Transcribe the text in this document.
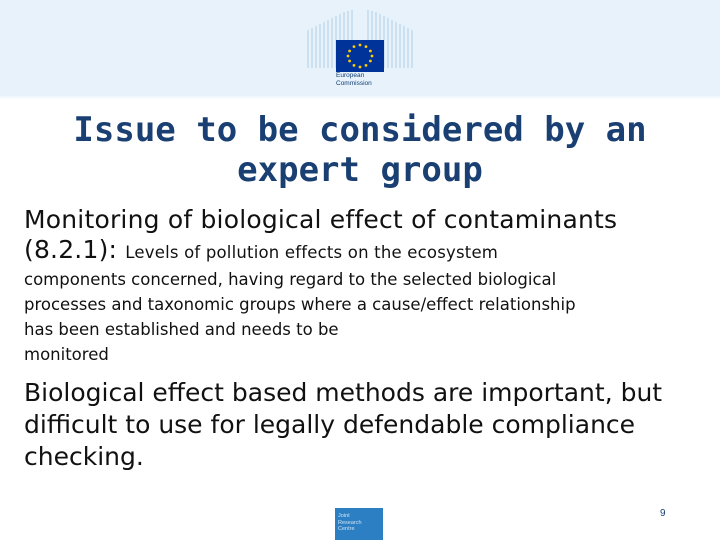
European
Commission
Issue to be considered by an
expert group

Monitoring of biological effect of contaminants
(8.2.1): Levels of pollution effects on the ecosystem

components concerned, having regard to the selected biological
processes and taxonomic groups where a cause/effect relationship
has been established and needs to be
monitored

Biological effect based methods are important, but difficult to use for legally defendable compliance checking.

Joint
Research
Centre
9
